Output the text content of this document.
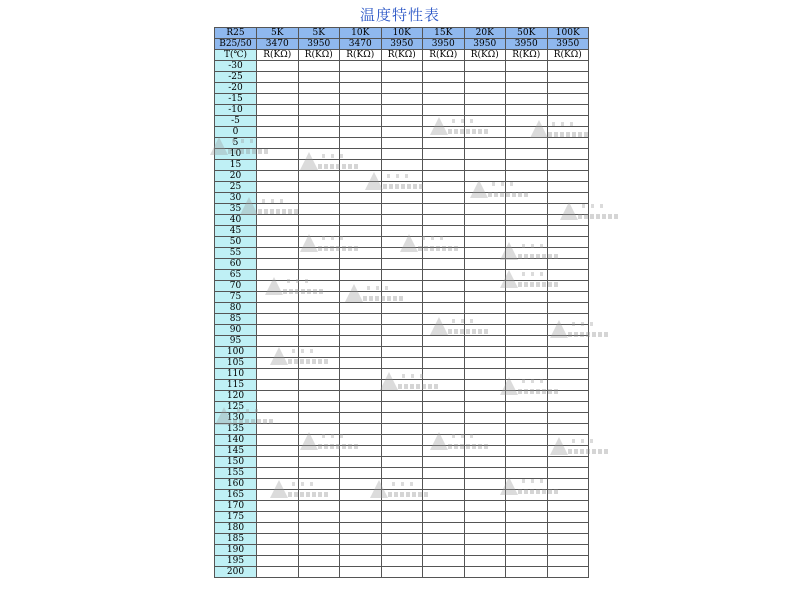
温度特性表
R25	5K	5K	10K	10K	15K	20K	50K	100K
B25/50	3470	3950	3470	3950	3950	3950	3950	3950
T(℃)	R(KΩ)	R(KΩ)	R(KΩ)	R(KΩ)	R(KΩ)	R(KΩ)	R(KΩ)	R(KΩ)
-30								
-25								
-20								
-15								
-10								
-5								
0								
5								
10								
15								
20								
25								
30								
35								
40								
45								
50								
55								
60								
65								
70								
75								
80								
85								
90								
95								
100								
105								
110								
115								
120								
125								
130								
135								
140								
145								
150								
155								
160								
165								
170								
175								
180								
185								
190								
195								
200								
